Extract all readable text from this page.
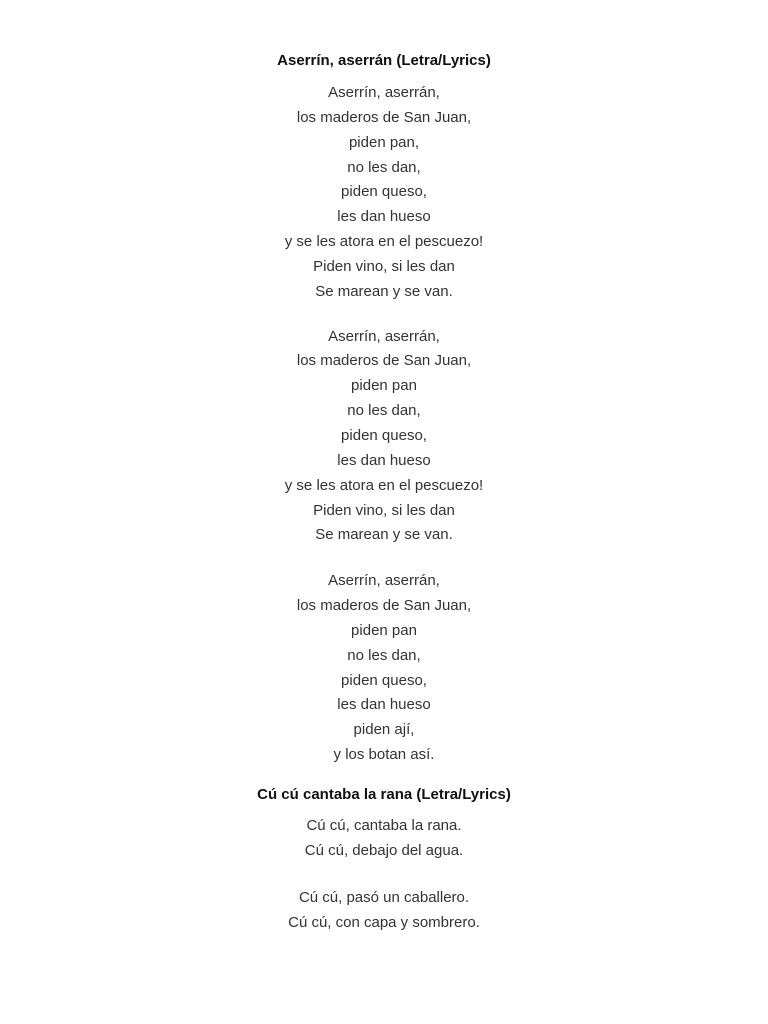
Aserrín, aserrán (Letra/Lyrics)
Aserrín, aserrán,
los maderos de San Juan,
piden pan,
no les dan,
piden queso,
les dan hueso
y se les atora en el pescuezo!
Piden vino, si les dan
Se marean y se van.
Aserrín, aserrán,
los maderos de San Juan,
piden pan
no les dan,
piden queso,
les dan hueso
y se les atora en el pescuezo!
Piden vino, si les dan
Se marean y se van.
Aserrín, aserrán,
los maderos de San Juan,
piden pan
no les dan,
piden queso,
les dan hueso
piden ají,
y los botan así.
Cú cú cantaba la rana (Letra/Lyrics)
Cú cú, cantaba la rana.
Cú cú, debajo del agua.
Cú cú, pasó un caballero.
Cú cú, con capa y sombrero.
